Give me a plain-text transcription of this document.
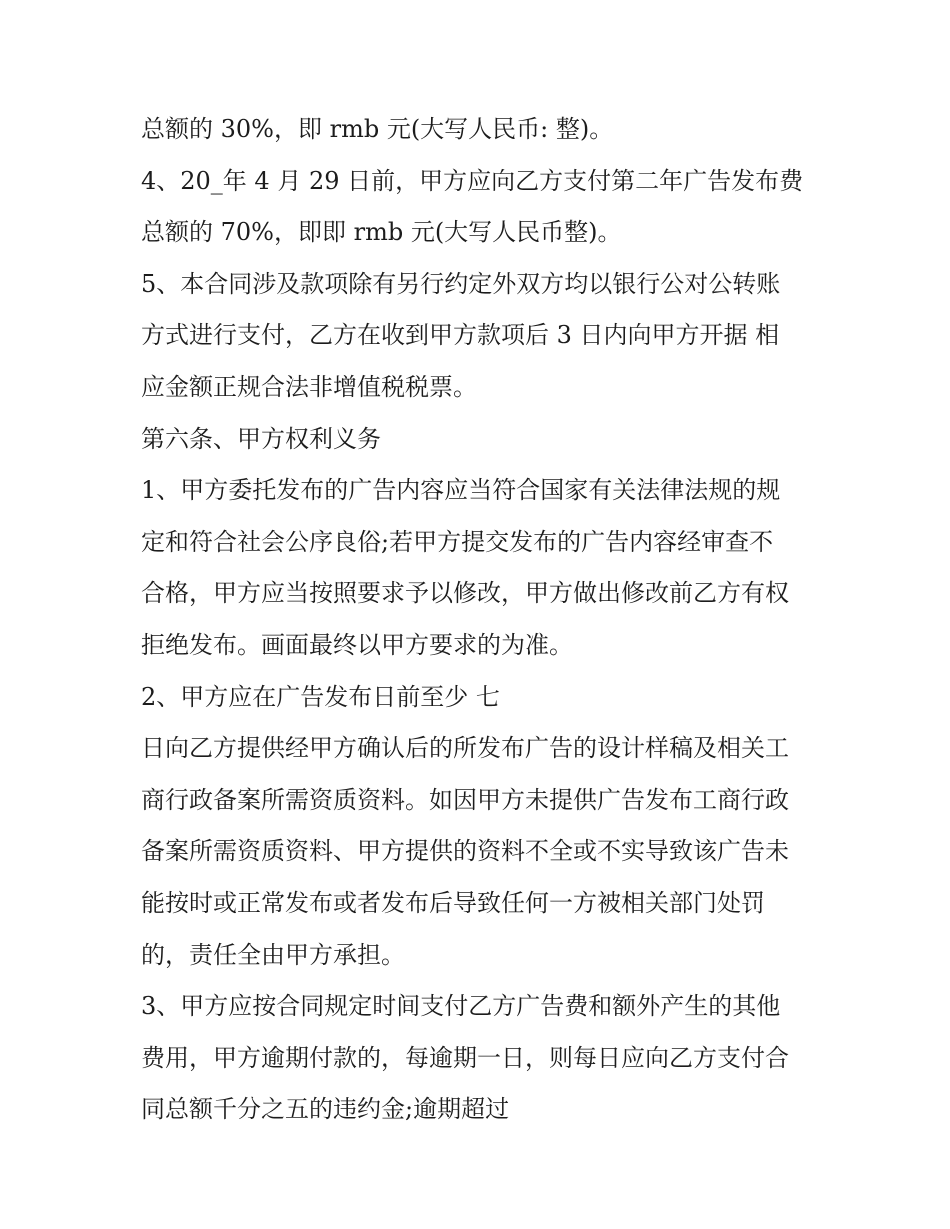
总额的 30%，即 rmb 元(大写人民币: 整)。
4、20_年 4 月 29 日前，甲方应向乙方支付第二年广告发布费
总额的 70%，即即 rmb 元(大写人民币整)。
5、本合同涉及款项除有另行约定外双方均以银行公对公转账
方式进行支付，乙方在收到甲方款项后 3 日内向甲方开据 相
应金额正规合法非增值税税票。
第六条、甲方权利义务
1、甲方委托发布的广告内容应当符合国家有关法律法规的规
定和符合社会公序良俗;若甲方提交发布的广告内容经审查不
合格，甲方应当按照要求予以修改，甲方做出修改前乙方有权
拒绝发布。画面最终以甲方要求的为准。
2、甲方应在广告发布日前至少 七
日向乙方提供经甲方确认后的所发布广告的设计样稿及相关工
商行政备案所需资质资料。如因甲方未提供广告发布工商行政
备案所需资质资料、甲方提供的资料不全或不实导致该广告未
能按时或正常发布或者发布后导致任何一方被相关部门处罚
的，责任全由甲方承担。
3、甲方应按合同规定时间支付乙方广告费和额外产生的其他
费用，甲方逾期付款的，每逾期一日，则每日应向乙方支付合
同总额千分之五的违约金;逾期超过
